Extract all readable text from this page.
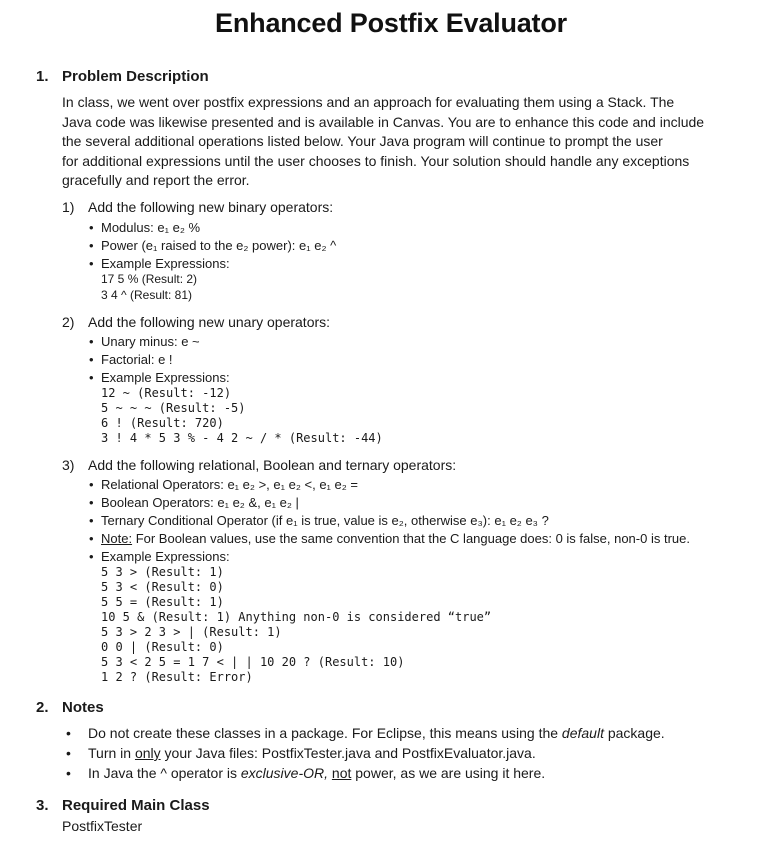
Enhanced Postfix Evaluator
1. Problem Description
In class, we went over postfix expressions and an approach for evaluating them using a Stack. The
Java code was likewise presented and is available in Canvas. You are to enhance this code and include
the several additional operations listed below. Your Java program will continue to prompt the user
for additional expressions until the user chooses to finish. Your solution should handle any exceptions
gracefully and report the error.
1) Add the following new binary operators:
• Modulus: e₁ e₂ %
• Power (e₁ raised to the e₂ power): e₁ e₂ ^
• Example Expressions:
17 5 % (Result: 2)
3 4 ^ (Result: 81)
2) Add the following new unary operators:
• Unary minus: e ~
• Factorial: e !
• Example Expressions:
12 ~ (Result: -12)
5 ~ ~ ~ (Result: -5)
6 ! (Result: 720)
3 ! 4 * 5 3 % - 4 2 ~ / * (Result: -44)
3) Add the following relational, Boolean and ternary operators:
• Relational Operators: e₁ e₂ >, e₁ e₂ <, e₁ e₂ =
• Boolean Operators: e₁ e₂ &, e₁ e₂ |
• Ternary Conditional Operator (if e₁ is true, value is e₂, otherwise e₃): e₁ e₂ e₃ ?
• Note: For Boolean values, use the same convention that the C language does: 0 is false, non-0 is true.
• Example Expressions:
5 3 > (Result: 1)
5 3 < (Result: 0)
5 5 = (Result: 1)
10 5 & (Result: 1) Anything non-0 is considered “true”
5 3 > 2 3 > | (Result: 1)
0 0 | (Result: 0)
5 3 < 2 5 = 1 7 < | | 10 20 ? (Result: 10)
1 2 ? (Result: Error)
2. Notes
• Do not create these classes in a package. For Eclipse, this means using the default package.
• Turn in only your Java files: PostfixTester.java and PostfixEvaluator.java.
• In Java the ^ operator is exclusive-OR, not power, as we are using it here.
3. Required Main Class
PostfixTester
